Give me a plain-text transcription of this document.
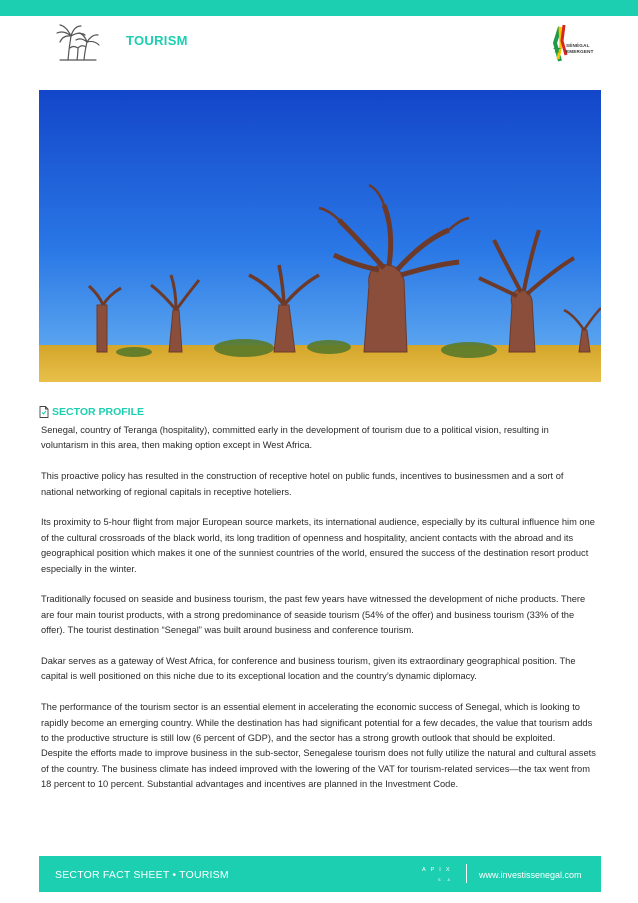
TOURISM	SÉNÉGAL
EMERGENT
SECTOR PROFILE

Senegal, country of Teranga (hospitality), committed early in the development of tourism due to a political vision, resulting in voluntarism in this area, then making option except in West Africa.

This proactive policy has resulted in the construction of receptive hotel on public funds, incentives to businessmen and a sort of national networking of regional capitals in receptive hoteliers.

Its proximity to 5-hour flight from major European source markets, its international audience, especially by its cultural influence him one of the cultural crossroads of the black world, its long tradition of openness and hospitality, ancient contacts with the abroad and its geographical position which makes it one of the sunniest countries of the world, ensured the success of the destination resort product especially in the winter.

Traditionally focused on seaside and business tourism, the past few years have witnessed the development of niche products. There are four main tourist products, with a strong predominance of seaside tourism (54% of the offer) and business tourism (33% of the offer). The tourist destination “Senegal” was built around business and conference tourism.

Dakar serves as a gateway of West Africa, for conference and business tourism, given its extraordinary geographical position. The capital is well positioned on this niche due to its exceptional location and the country’s dynamic diplomacy.

The performance of the tourism sector is an essential element in accelerating the economic success of Senegal, which is looking to rapidly become an emerging country. While the destination has had significant potential for a few decades, the value that tourism adds to the productive structure is still low (6 percent of GDP), and the sector has a strong growth outlook that should be exploited.

Despite the efforts made to improve business in the sub-sector, Senegalese tourism does not fully utilize the natural and cultural assets of the country. The business climate has indeed improved with the lowering of the VAT for tourism-related services—the tax went from 18 percent to 10 percent. Substantial advantages and incentives are planned in the Investment Code.

SECTOR FACT SHEET • TOURISM	A P I X
S . A	www.investissenegal.com
